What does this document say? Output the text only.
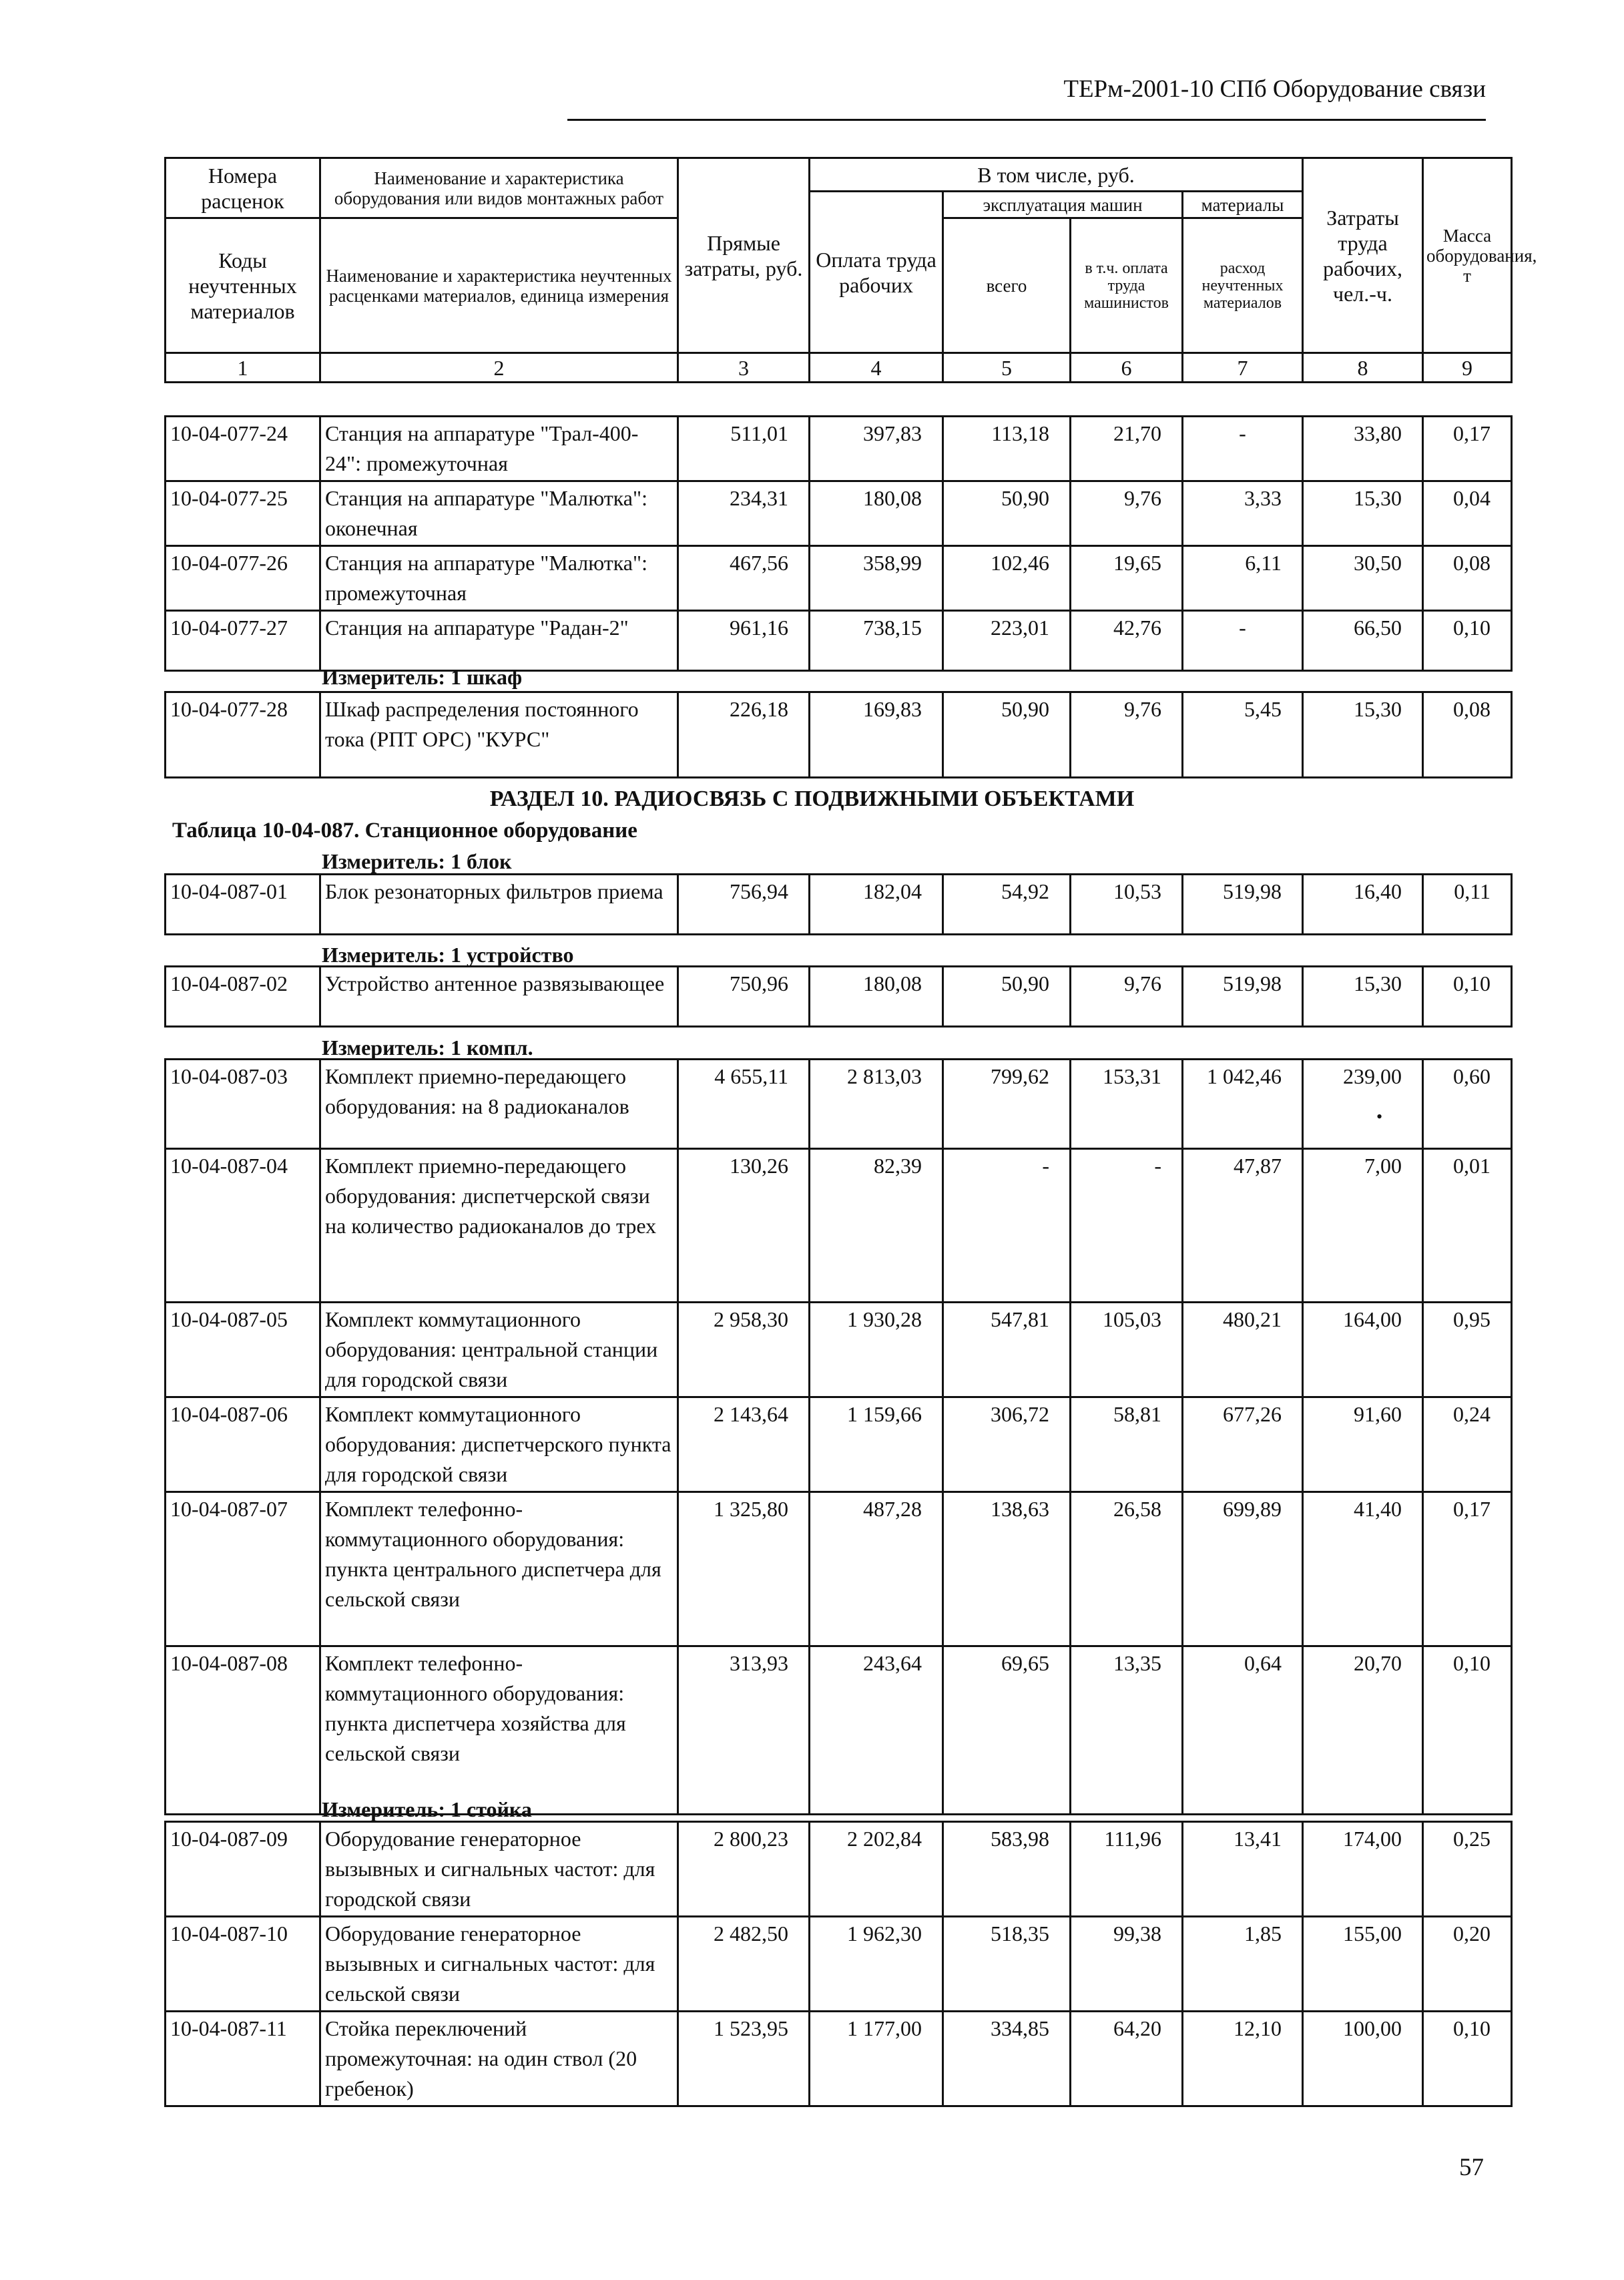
ТЕРм-2001-10 СПб Оборудование связи
Номера расценок	Наименование и характеристика оборудования или видов монтажных работ	Прямые затраты, руб.	В том числе, руб.				Затраты труда рабочих, чел.-ч.	Масса оборудования, т
			Оплата труда рабочих	эксплуатация машин		материалы		
Коды неучтенных материалов	Наименование и характеристика неучтенных расценками материалов, единица измерения			всего	в т.ч. оплата труда машинистов	расход неучтенных материалов		

1	2	3	4	5	6	7	8	9
10-04-077-24	Станция на аппаратуре "Трал-400-24": промежуточная	511,01	397,83	113,18	21,70	-	33,80	0,17
10-04-077-25	Станция на аппаратуре "Малютка": оконечная	234,31	180,08	50,90	9,76	3,33	15,30	0,04
10-04-077-26	Станция на аппаратуре "Малютка": промежуточная	467,56	358,99	102,46	19,65	6,11	30,50	0,08
10-04-077-27	Станция на аппаратуре "Радан-2"	961,16	738,15	223,01	42,76	-	66,50	0,10
Измеритель: 1 шкаф
10-04-077-28	Шкаф распределения постоянного тока (РПТ ОРС) "КУРС"	226,18	169,83	50,90	9,76	5,45	15,30	0,08
РАЗДЕЛ 10. РАДИОСВЯЗЬ С ПОДВИЖНЫМИ ОБЪЕКТАМИ
Таблица 10-04-087. Станционное оборудование
Измеритель: 1 блок
10-04-087-01	Блок резонаторных фильтров приема	756,94	182,04	54,92	10,53	519,98	16,40	0,11
Измеритель: 1 устройство
10-04-087-02	Устройство антенное развязывающее	750,96	180,08	50,90	9,76	519,98	15,30	0,10
Измеритель: 1 компл.
10-04-087-03	Комплект приемно-передающего оборудования: на 8 радиоканалов	4 655,11	2 813,03	799,62	153,31	1 042,46	239,00	0,60
10-04-087-04	Комплект приемно-передающего оборудования: диспетчерской связи на количество радиоканалов до трех	130,26	82,39	-	-	47,87	7,00	0,01
10-04-087-05	Комплект коммутационного оборудования: центральной станции для городской связи	2 958,30	1 930,28	547,81	105,03	480,21	164,00	0,95
10-04-087-06	Комплект коммутационного оборудования: диспетчерского пункта для городской связи	2 143,64	1 159,66	306,72	58,81	677,26	91,60	0,24
10-04-087-07	Комплект телефонно-коммутационного оборудования: пункта центрального диспетчера для сельской связи	1 325,80	487,28	138,63	26,58	699,89	41,40	0,17
10-04-087-08	Комплект телефонно-коммутационного оборудования: пункта диспетчера хозяйства для сельской связи	313,93	243,64	69,65	13,35	0,64	20,70	0,10
Измеритель: 1 стойка
10-04-087-09	Оборудование генераторное вызывных и сигнальных частот: для городской связи	2 800,23	2 202,84	583,98	111,96	13,41	174,00	0,25
10-04-087-10	Оборудование генераторное вызывных и сигнальных частот: для сельской связи	2 482,50	1 962,30	518,35	99,38	1,85	155,00	0,20
10-04-087-11	Стойка переключений промежуточная: на один ствол (20 гребенок)	1 523,95	1 177,00	334,85	64,20	12,10	100,00	0,10
•
57
